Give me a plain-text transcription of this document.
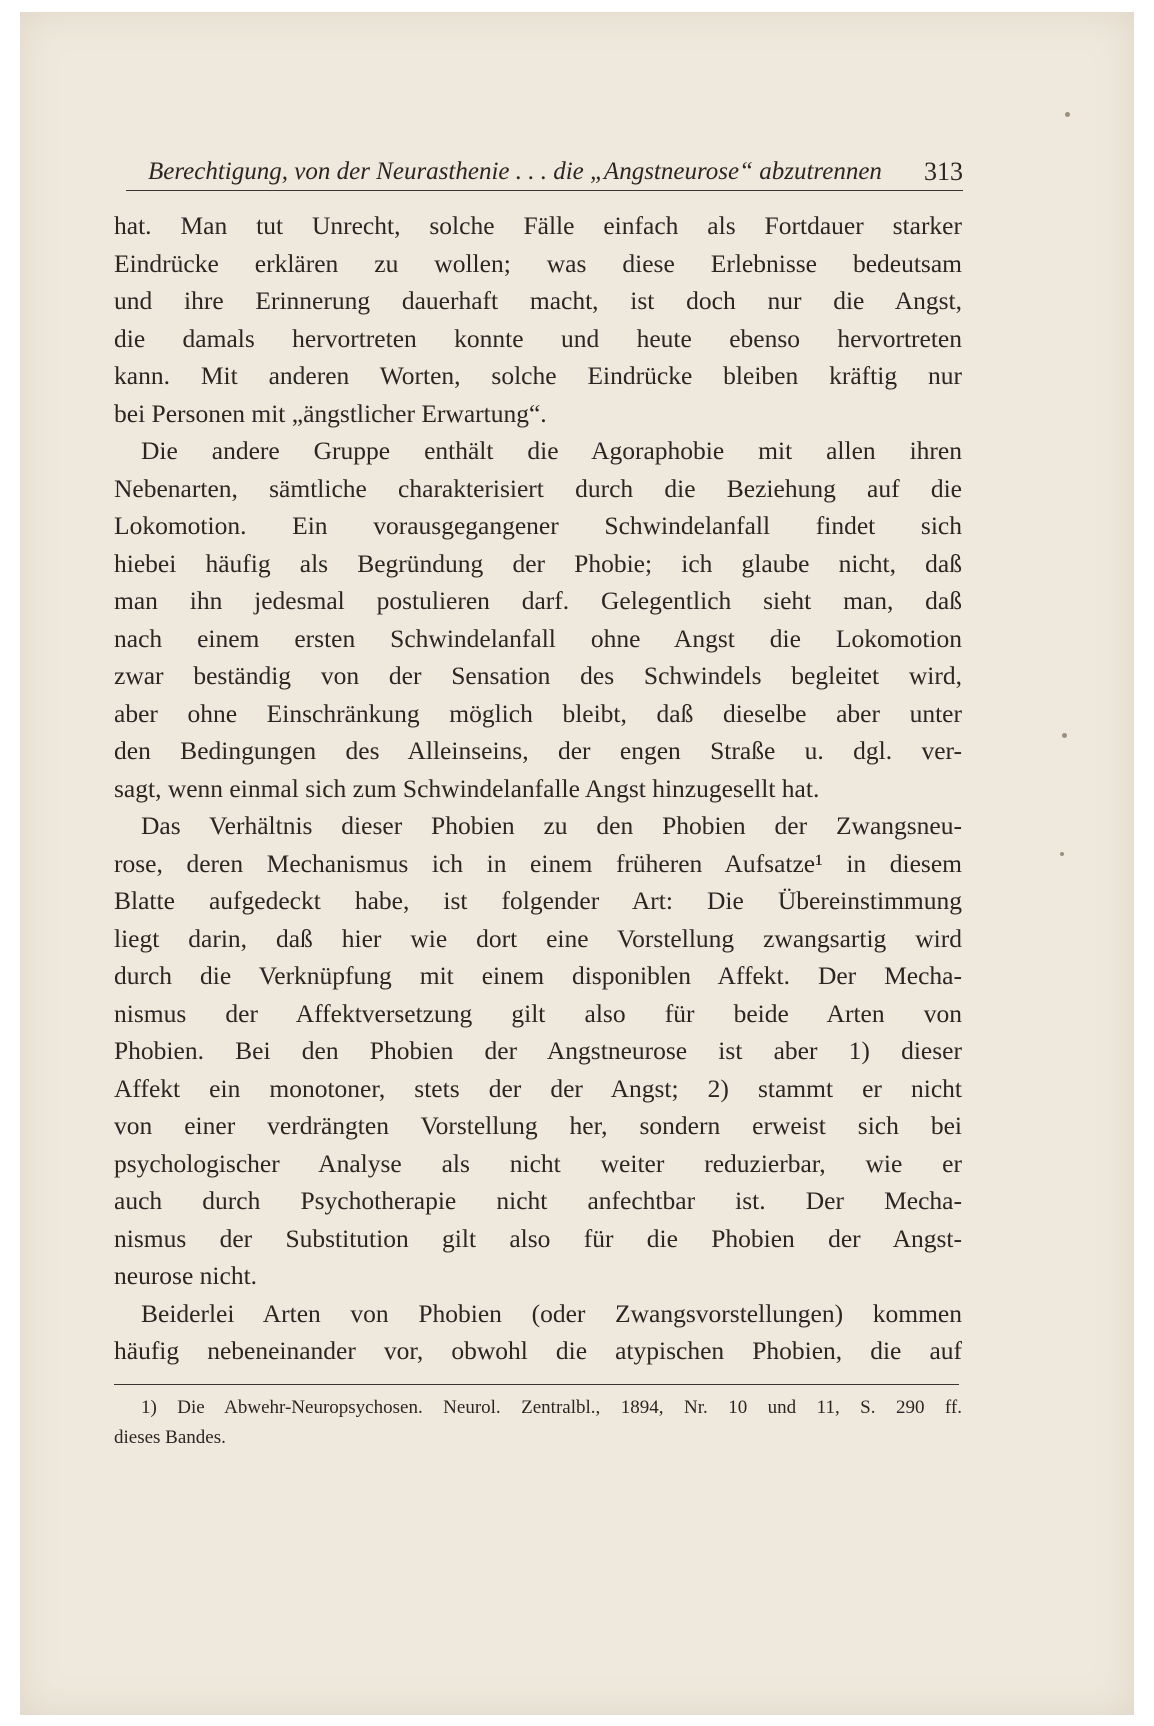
Berechtigung, von der Neurasthenie . . . die „Angstneurose“ abzutrennen 313
hat. Man tut Unrecht, solche Fälle einfach als Fortdauer starker
Eindrücke erklären zu wollen; was diese Erlebnisse bedeutsam
und ihre Erinnerung dauerhaft macht, ist doch nur die Angst,
die damals hervortreten konnte und heute ebenso hervortreten
kann. Mit anderen Worten, solche Eindrücke bleiben kräftig nur
bei Personen mit „ängstlicher Erwartung“.
Die andere Gruppe enthält die Agoraphobie mit allen ihren
Nebenarten, sämtliche charakterisiert durch die Beziehung auf die
Lokomotion. Ein vorausgegangener Schwindelanfall findet sich
hiebei häufig als Begründung der Phobie; ich glaube nicht, daß
man ihn jedesmal postulieren darf. Gelegentlich sieht man, daß
nach einem ersten Schwindelanfall ohne Angst die Lokomotion
zwar beständig von der Sensation des Schwindels begleitet wird,
aber ohne Einschränkung möglich bleibt, daß dieselbe aber unter
den Bedingungen des Alleinseins, der engen Straße u. dgl. ver-
sagt, wenn einmal sich zum Schwindelanfalle Angst hinzugesellt hat.
Das Verhältnis dieser Phobien zu den Phobien der Zwangsneu-
rose, deren Mechanismus ich in einem früheren Aufsatze¹ in diesem
Blatte aufgedeckt habe, ist folgender Art: Die Übereinstimmung
liegt darin, daß hier wie dort eine Vorstellung zwangsartig wird
durch die Verknüpfung mit einem disponiblen Affekt. Der Mecha-
nismus der Affektversetzung gilt also für beide Arten von
Phobien. Bei den Phobien der Angstneurose ist aber 1) dieser
Affekt ein monotoner, stets der der Angst; 2) stammt er nicht
von einer verdrängten Vorstellung her, sondern erweist sich bei
psychologischer Analyse als nicht weiter reduzierbar, wie er
auch durch Psychotherapie nicht anfechtbar ist. Der Mecha-
nismus der Substitution gilt also für die Phobien der Angst-
neurose nicht.
Beiderlei Arten von Phobien (oder Zwangsvorstellungen) kommen
häufig nebeneinander vor, obwohl die atypischen Phobien, die auf
1) Die Abwehr-Neuropsychosen. Neurol. Zentralbl., 1894, Nr. 10 und 11, S. 290 ff.
dieses Bandes.
